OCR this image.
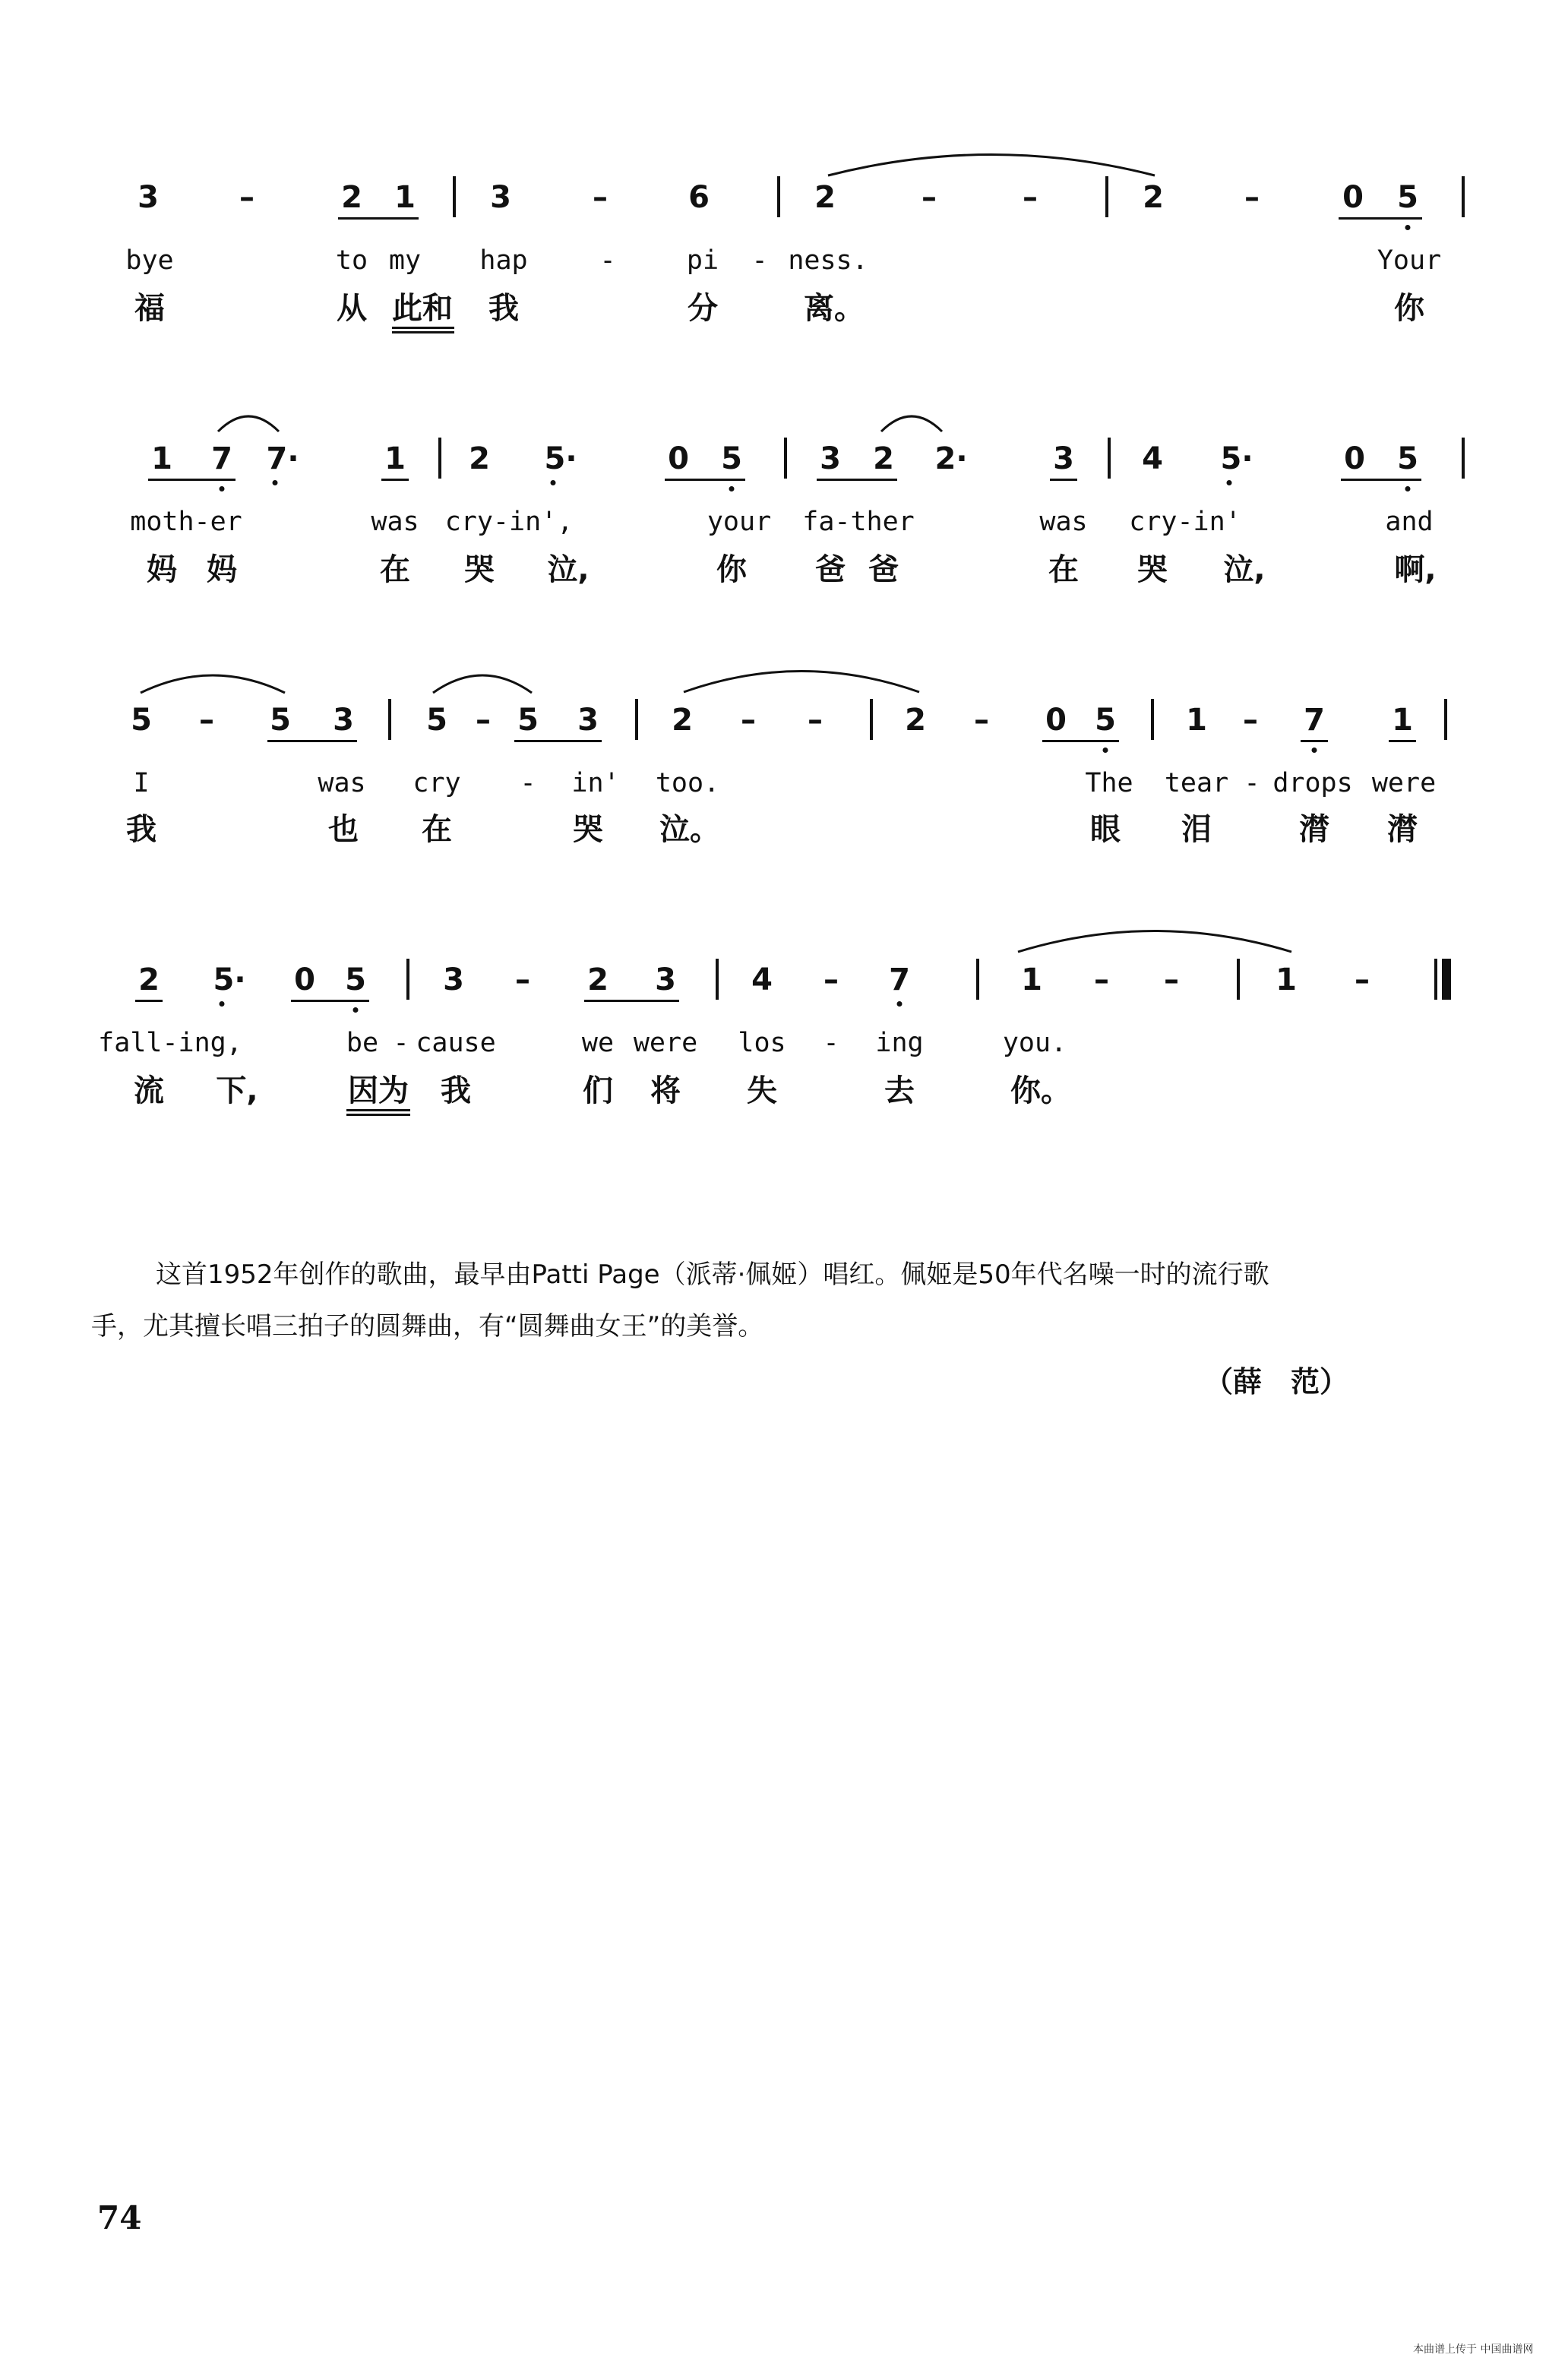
3	–	2 1 3	–	6	2	–	–	2	–	0 5
bye	to my hap	-	pi - ness.	Your
福	从 此和 我	分	离。	你
1 7 7·	1 2 5·	0 5	3 2 2·	3 4 5·	0 5
moth-er	was cry-in',	your fa-ther	was cry-in'	and
妈 妈	在 哭 泣,	你 爸 爸	在 哭 泣,	啊,
5 – 5 3 5 – 5 3 2 – –	2 – 0 5 1 – 7 1
I	was cry - in' too.	The tear - drops were
我	也 在	哭 泣。	眼 泪	潸 潸
2 5· 0 5	3 – 2 3 4 – 7	1 – –	1 –
fall-ing,	be - cause	we were los - ing	you.
流 下,	因为 我	们 将 失	去	你。
这首1952年创作的歌曲，最早由Patti Page（派蒂·佩姬）唱红。佩姬是50年代名噪一时的流行歌
手，尤其擅长唱三拍子的圆舞曲，有“圆舞曲女王”的美誉。
（薛　范）
74
本曲谱上传于 中国曲谱网
